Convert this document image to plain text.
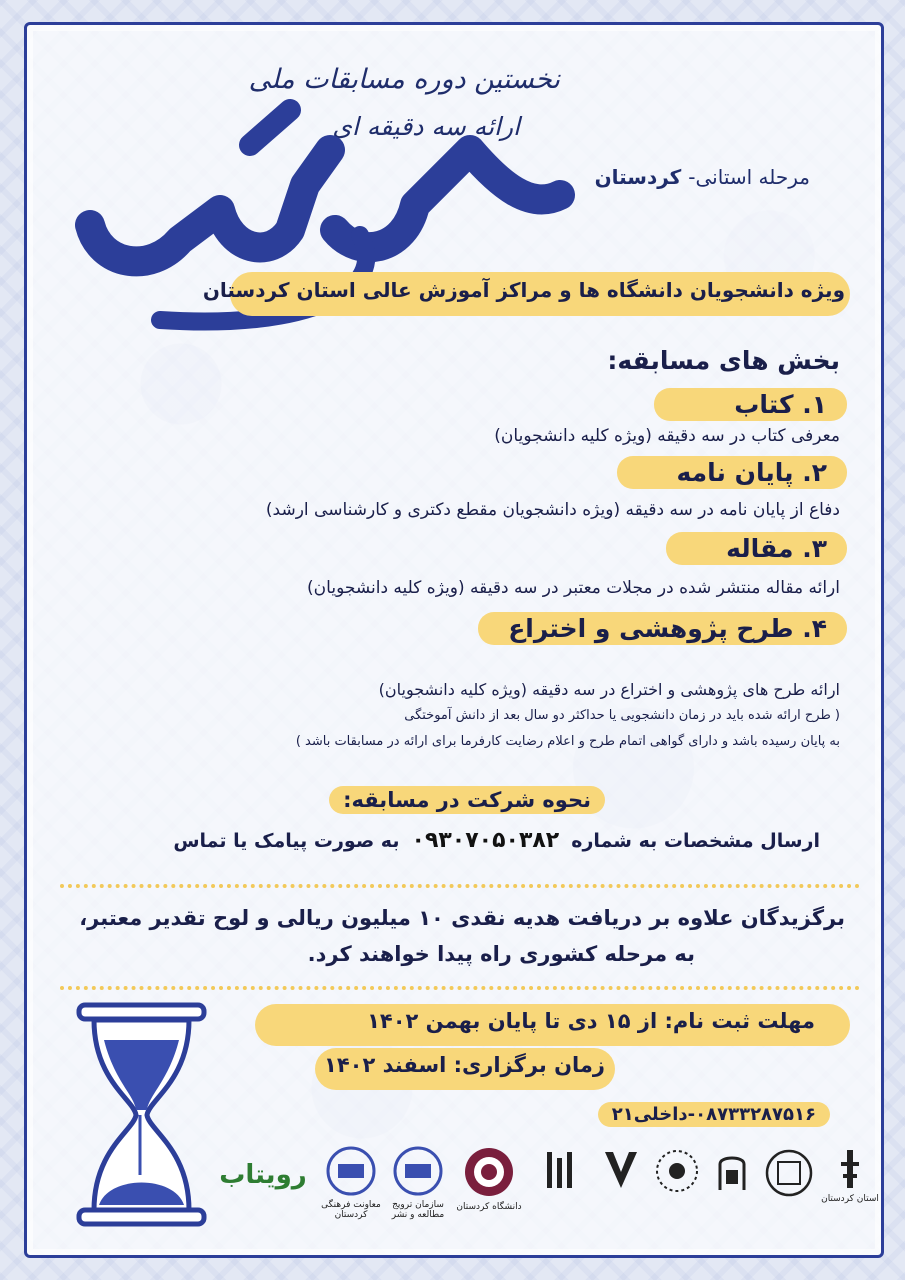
نخستین دوره مسابقات ملی
ارائه سه دقیقه ای
مرحله استانی- کردستان
ویژه دانشجویان دانشگاه ها و مراکز آموزش عالی استان کردستان
بخش های مسابقه:
۱. کتاب
معرفی کتاب در سه دقیقه (ویژه کلیه دانشجویان)
۲. پایان نامه
دفاع از پایان نامه در سه دقیقه (ویژه دانشجویان مقطع دکتری و کارشناسی ارشد)
۳. مقاله
ارائه مقاله منتشر شده در مجلات معتبر در سه دقیقه (ویژه کلیه دانشجویان)
۴. طرح پژوهشی و اختراع
ارائه طرح های پژوهشی و اختراع در سه دقیقه (ویژه کلیه دانشجویان)
( طرح ارائه شده باید در زمان دانشجویی یا حداکثر دو سال بعد از دانش آموختگی
به پایان رسیده باشد و دارای گواهی اتمام طرح و اعلام رضایت کارفرما برای ارائه در مسابقات باشد )
نحوه شرکت در مسابقه:
ارسال مشخصات به شماره ۰۹۳۰۷۰۵۰۳۸۲ به صورت پیامک یا تماس
برگزیدگان علاوه بر دریافت هدیه نقدی ۱۰ میلیون ریالی و لوح تقدیر معتبر،
به مرحله کشوری راه پیدا خواهند کرد.
مهلت ثبت نام: از ۱۵ دی تا پایان بهمن ۱۴۰۲
زمان برگزاری: اسفند ۱۴۰۲
۰۸۷۳۳۲۸۷۵۱۶-داخلی۲۱
استان کردستان
دانشگاه کردستان
سازمان ترویج مطالعه و نشر
معاونت فرهنگی کردستان
رویتاب
